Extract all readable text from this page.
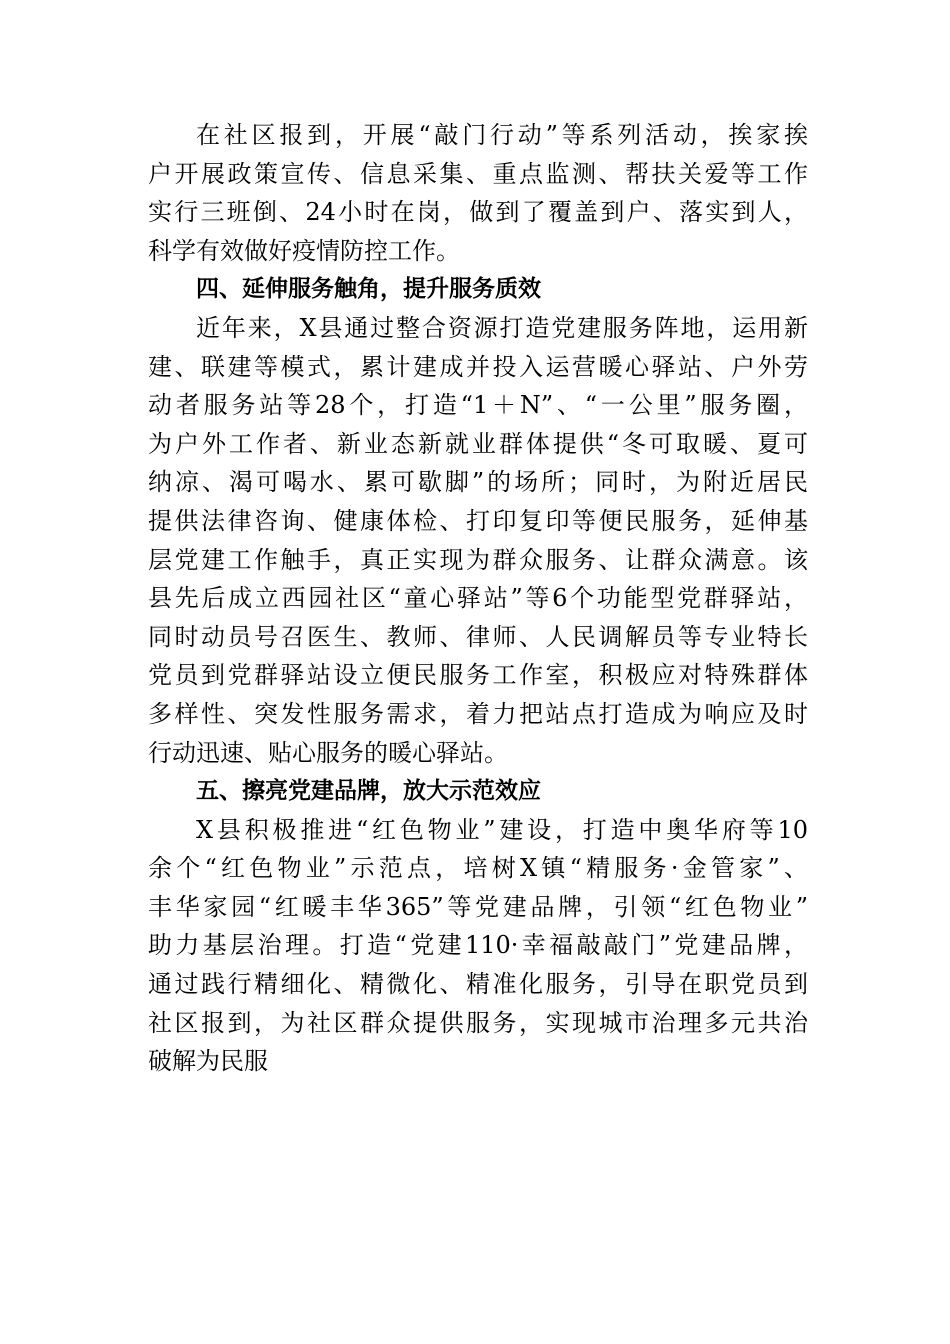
在社区报到，开展“敲门行动”等系列活动，挨家挨
户开展政策宣传、信息采集、重点监测、帮扶关爱等工作
实行三班倒、24小时在岗，做到了覆盖到户、落实到人，
科学有效做好疫情防控工作。
四、延伸服务触角，提升服务质效
近年来，X县通过整合资源打造党建服务阵地，运用新
建、联建等模式，累计建成并投入运营暖心驿站、户外劳
动者服务站等28个，打造“1＋N”、“一公里”服务圈，
为户外工作者、新业态新就业群体提供“冬可取暖、夏可
纳凉、渴可喝水、累可歇脚”的场所；同时，为附近居民
提供法律咨询、健康体检、打印复印等便民服务，延伸基
层党建工作触手，真正实现为群众服务、让群众满意。该
县先后成立西园社区“童心驿站”等6个功能型党群驿站，
同时动员号召医生、教师、律师、人民调解员等专业特长
党员到党群驿站设立便民服务工作室，积极应对特殊群体
多样性、突发性服务需求，着力把站点打造成为响应及时
行动迅速、贴心服务的暖心驿站。
五、擦亮党建品牌，放大示范效应
X县积极推进“红色物业”建设，打造中奥华府等10
余个“红色物业”示范点，培树X镇“精服务·金管家”、
丰华家园“红暖丰华365”等党建品牌，引领“红色物业”
助力基层治理。打造“党建110·幸福敲敲门”党建品牌，
通过践行精细化、精微化、精准化服务，引导在职党员到
社区报到，为社区群众提供服务，实现城市治理多元共治
破解为民服
